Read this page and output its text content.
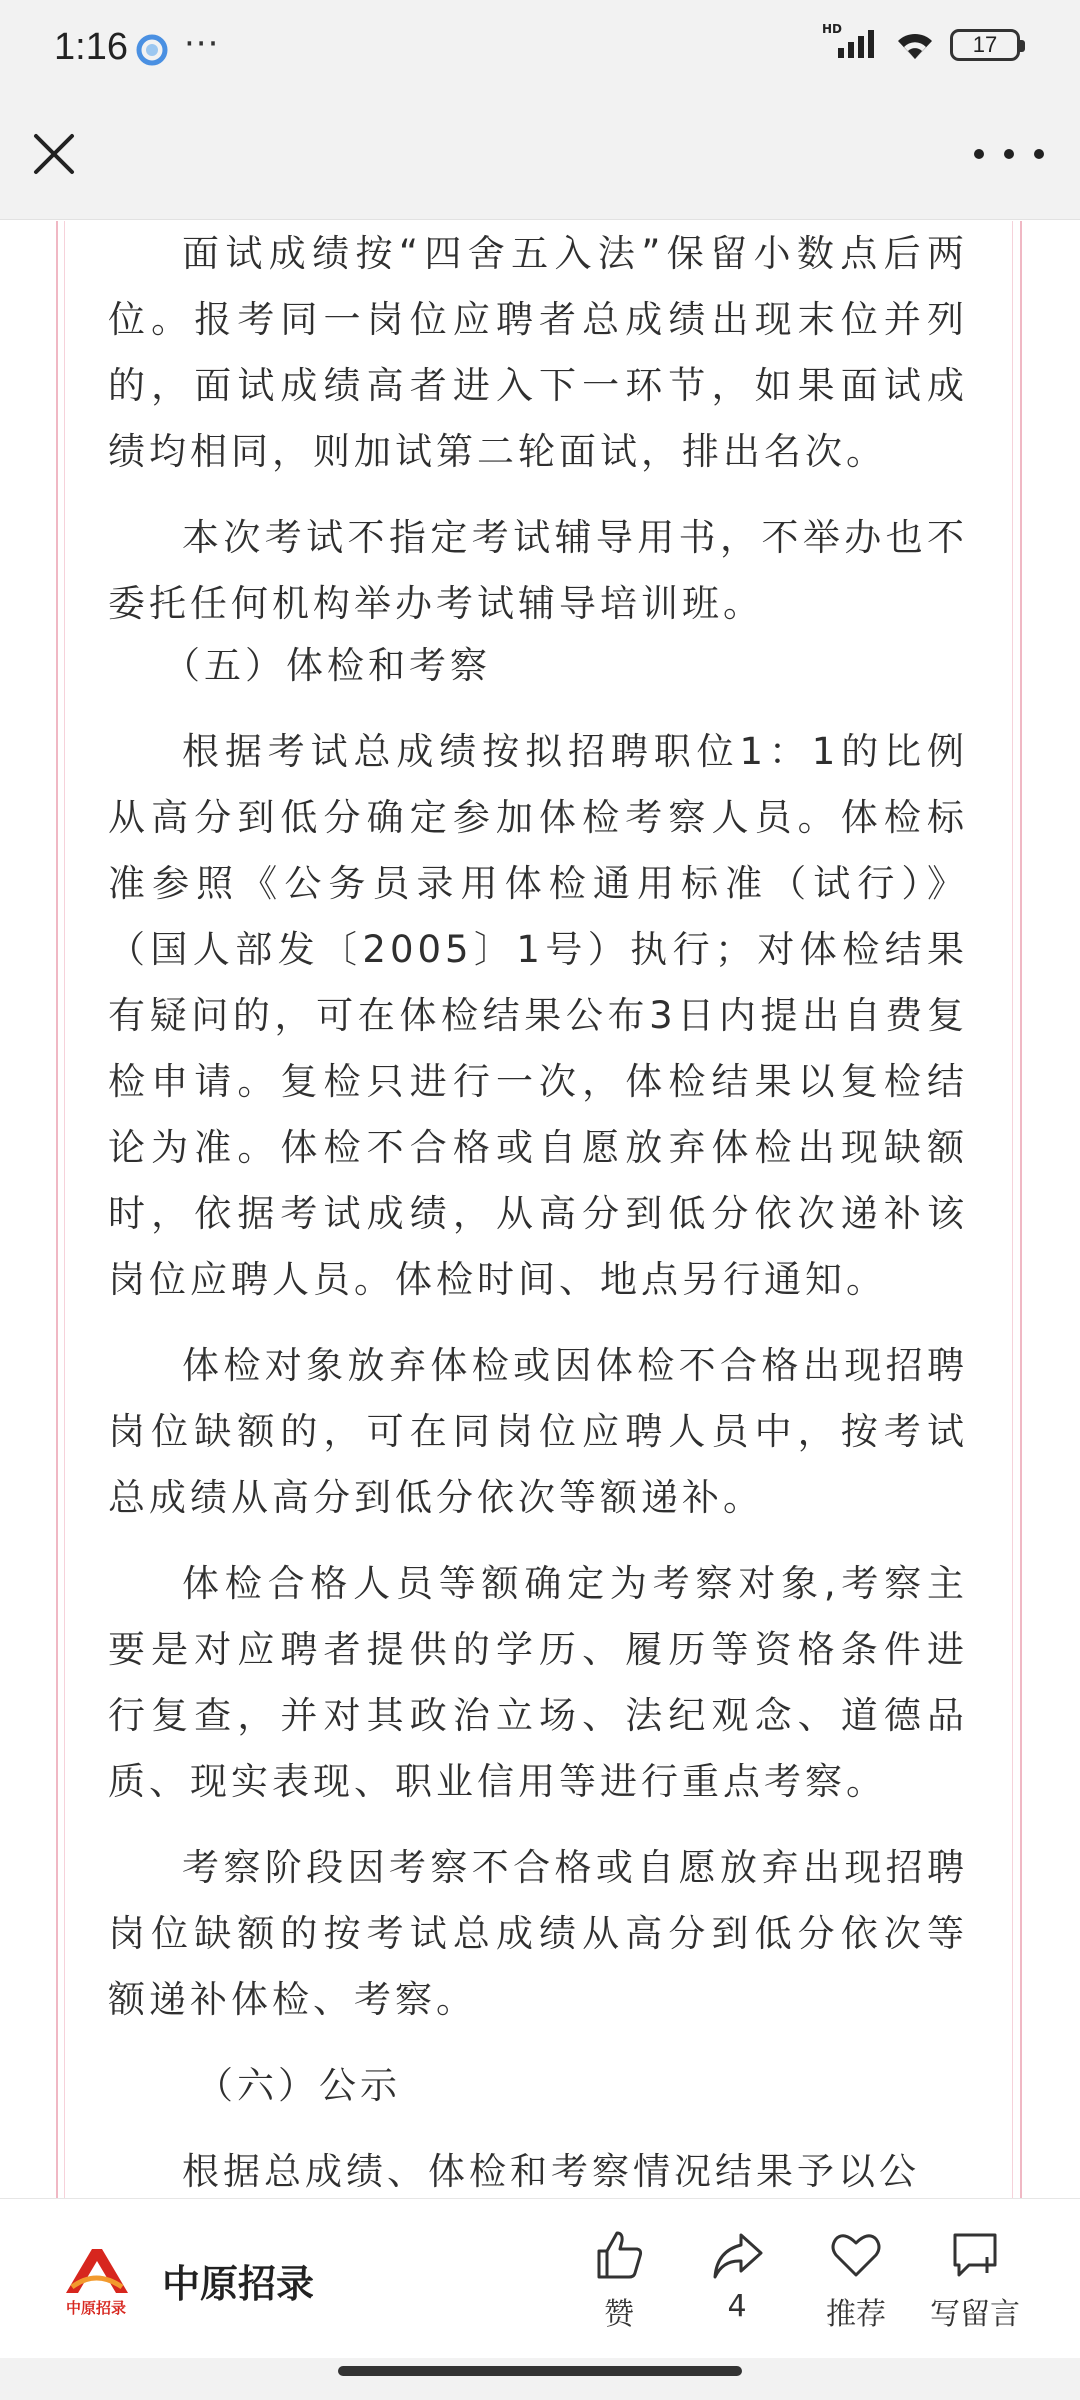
1:16 ···	HD
17

面试成绩按“四舍五入法”保留小数点后两位。报考同一岗位应聘者总成绩出现末位并列的，面试成绩高者进入下一环节，如果面试成绩均相同，则加试第二轮面试，排出名次。

本次考试不指定考试辅导用书，不举办也不委托任何机构举办考试辅导培训班。

（五）体检和考察

根据考试总成绩按拟招聘职位1：1的比例从高分到低分确定参加体检考察人员。体检标准参照《公务员录用体检通用标准（试行）》（国人部发〔2005〕1号）执行；对体检结果有疑问的，可在体检结果公布3日内提出自费复检申请。复检只进行一次，体检结果以复检结论为准。体检不合格或自愿放弃体检出现缺额时，依据考试成绩，从高分到低分依次递补该岗位应聘人员。体检时间、地点另行通知。

体检对象放弃体检或因体检不合格出现招聘岗位缺额的，可在同岗位应聘人员中，按考试总成绩从高分到低分依次等额递补。

体检合格人员等额确定为考察对象,考察主要是对应聘者提供的学历、履历等资格条件进行复查，并对其政治立场、法纪观念、道德品质、现实表现、职业信用等进行重点考察。

考察阶段因考察不合格或自愿放弃出现招聘岗位缺额的按考试总成绩从高分到低分依次等额递补体检、考察。

（六）公示

根据总成绩、体检和考察情况结果予以公

中原招录
中原招录
赞	4	推荐	写留言
